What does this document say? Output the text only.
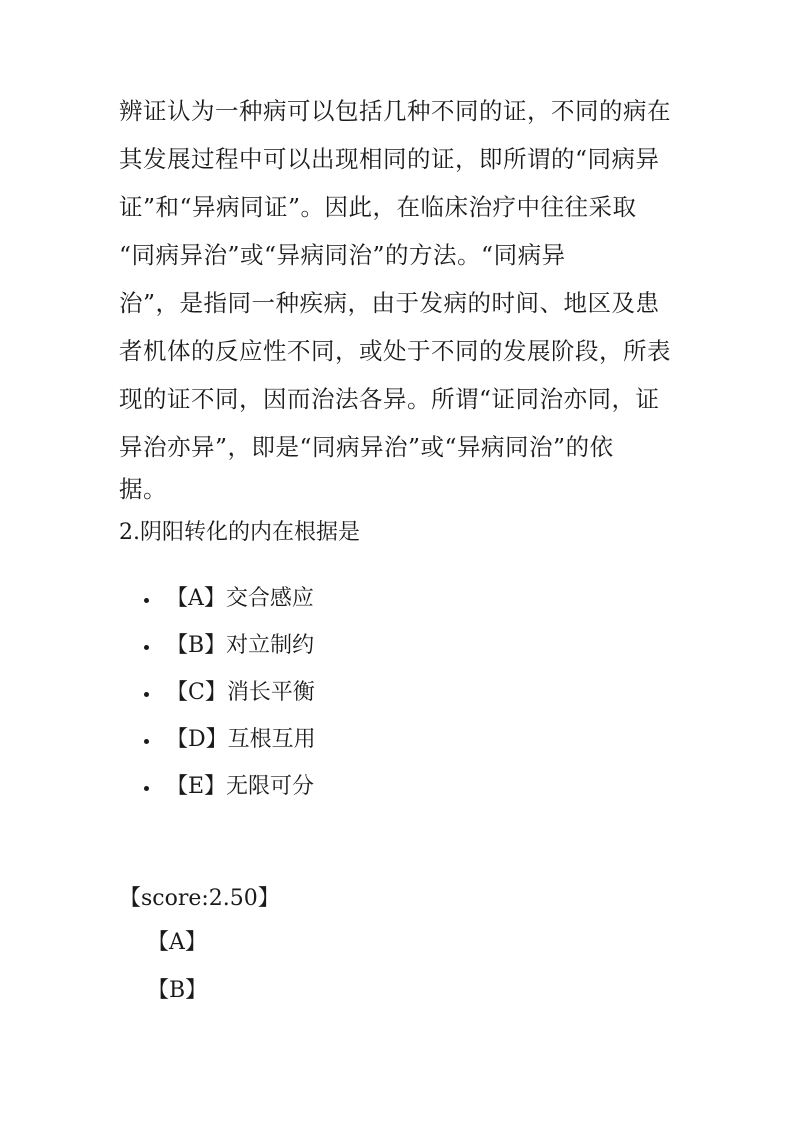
辨证认为一种病可以包括几种不同的证，不同的病在
其发展过程中可以出现相同的证，即所谓的“同病异
证”和“异病同证”。因此，在临床治疗中往往采取
“同病异治”或“异病同治”的方法。“同病异
治”，是指同一种疾病，由于发病的时间、地区及患
者机体的反应性不同，或处于不同的发展阶段，所表
现的证不同，因而治法各异。所谓“证同治亦同，证
异治亦异”，即是“同病异治”或“异病同治”的依
据。
2.阴阳转化的内在根据是
【A】交合感应
【B】对立制约
【C】消长平衡
【D】互根互用
【E】无限可分
【score:2.50】
【A】
【B】
